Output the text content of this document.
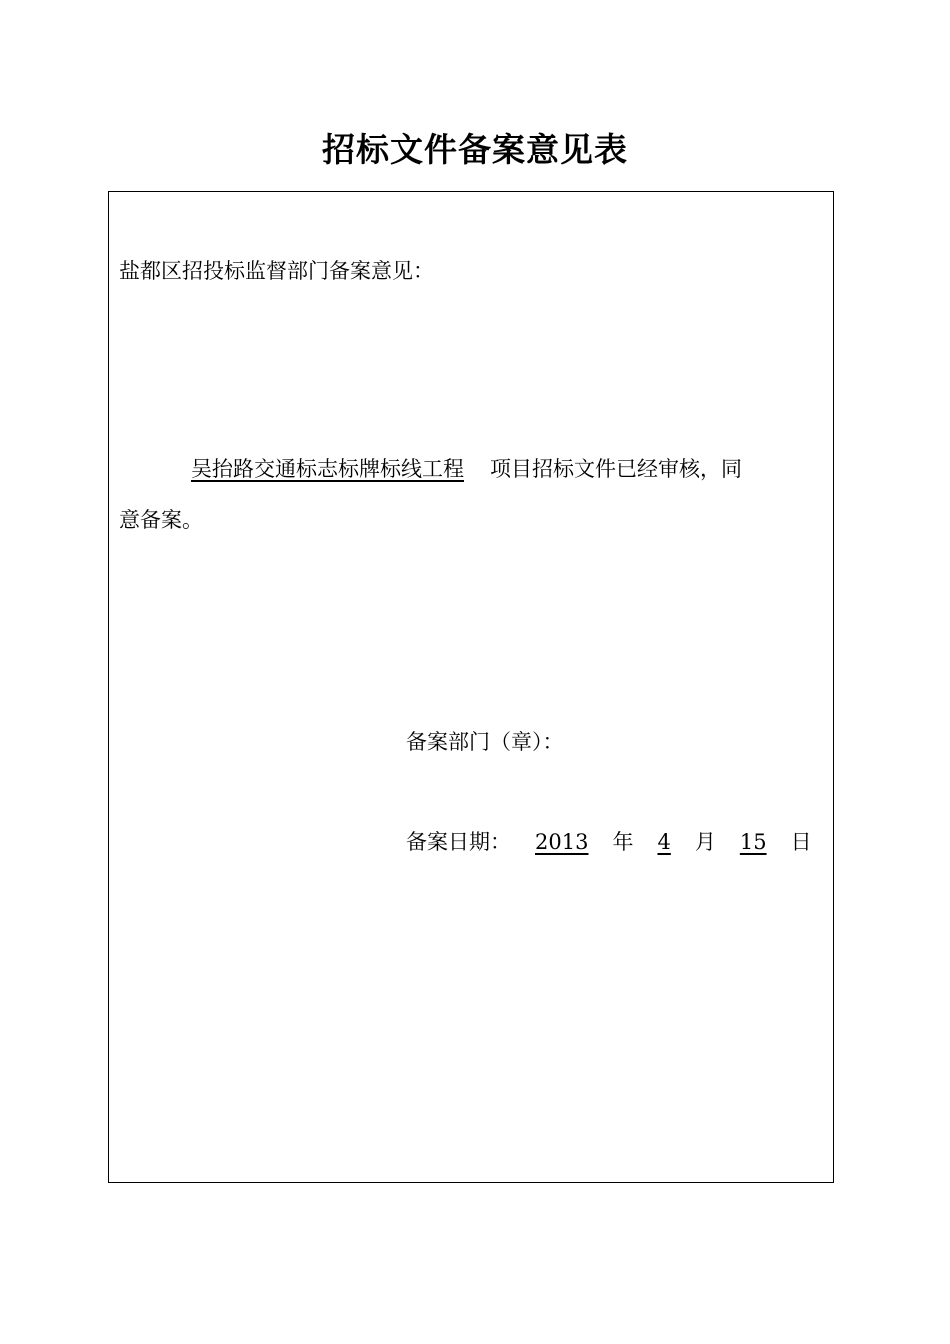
招标文件备案意见表
盐都区招投标监督部门备案意见：
吴抬路交通标志标牌标线工程 项目招标文件已经审核，同
意备案。
备案部门（章）：
备案日期： 2013 年 4 月 15 日
